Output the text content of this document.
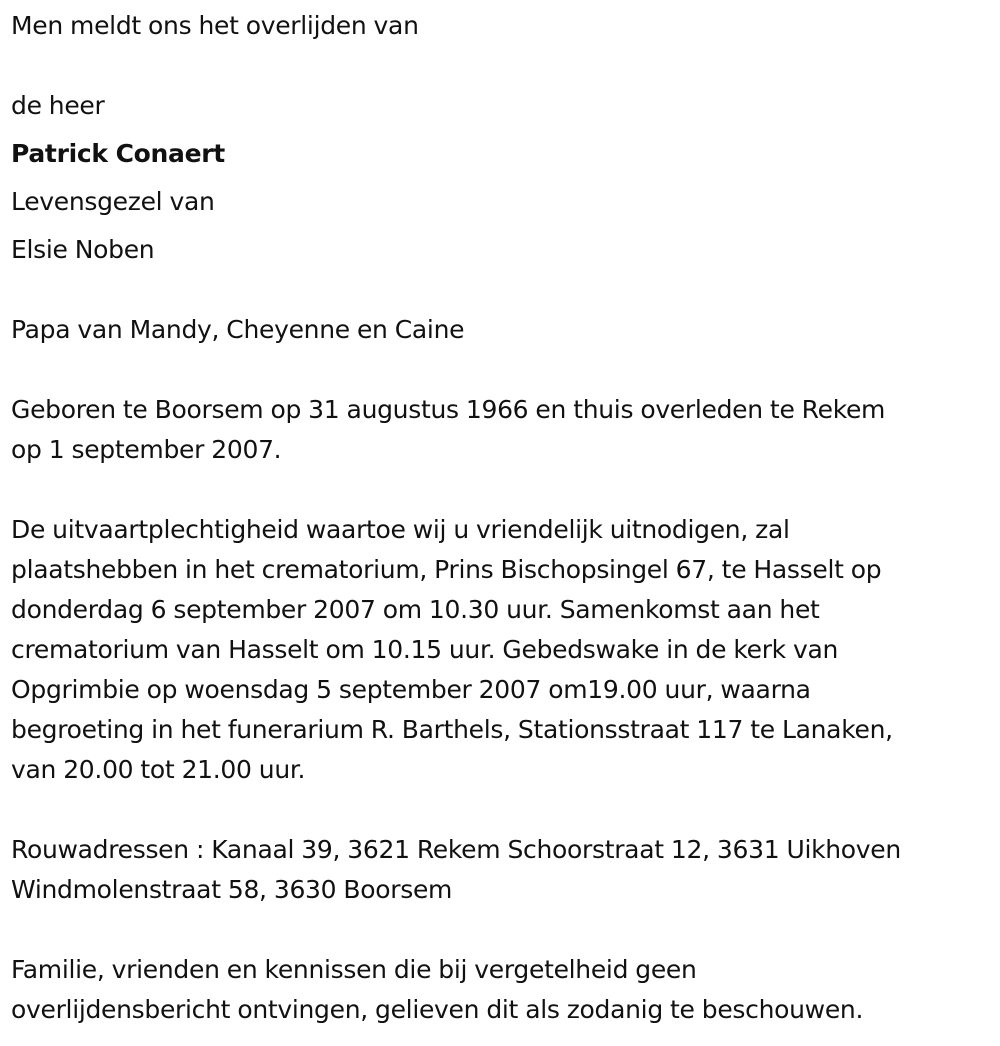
Men meldt ons het overlijden van
de heer
Patrick Conaert
Levensgezel van
Elsie Noben
Papa van Mandy, Cheyenne en Caine
Geboren te Boorsem op 31 augustus 1966 en thuis overleden te Rekem
op 1 september 2007.
De uitvaartplechtigheid waartoe wij u vriendelijk uitnodigen, zal
plaatshebben in het crematorium, Prins Bischopsingel 67, te Hasselt op
donderdag 6 september 2007 om 10.30 uur. Samenkomst aan het
crematorium van Hasselt om 10.15 uur. Gebedswake in de kerk van
Opgrimbie op woensdag 5 september 2007 om19.00 uur, waarna
begroeting in het funerarium R. Barthels, Stationsstraat 117 te Lanaken,
van 20.00 tot 21.00 uur.
Rouwadressen : Kanaal 39, 3621 Rekem Schoorstraat 12, 3631 Uikhoven
Windmolenstraat 58, 3630 Boorsem
Familie, vrienden en kennissen die bij vergetelheid geen
overlijdensbericht ontvingen, gelieven dit als zodanig te beschouwen.
